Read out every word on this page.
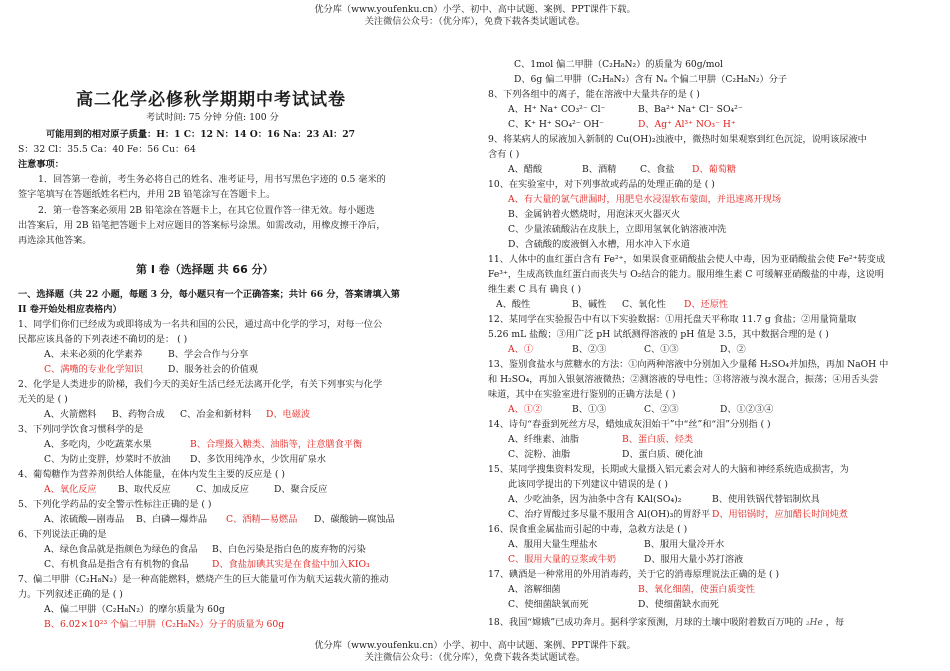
优分库（www.youfenku.cn）小学、初中、高中试题、案例、PPT课件下载。
关注微信公众号：（优分库），免费下载各类试题试卷。
高二化学必修秋学期期中考试试卷
考试时间: 75 分钟 分值: 100 分
可能用到的相对原子质量：H：1 C：12 N：14 O：16 Na：23 Al：27
S：32 Cl：35.5 Ca：40 Fe：56 Cu：64
注意事项：
1．回答第一卷前，考生务必将自己的姓名、准考证号，用书写黑色字迹的 0.5 毫米的
签字笔填写在答题纸姓名栏内，并用 2B 铅笔涂写在答题卡上。
2．第一卷答案必须用 2B 铅笔涂在答题卡上，在其它位置作答一律无效。每小题选
出答案后，用 2B 铅笔把答题卡上对应题目的答案标号涂黑。如需改动，用橡皮擦干净后，
再选涂其他答案。
第 I 卷（选择题 共 66 分）
一、选择题（共 22 小题，每题 3 分，每小题只有一个正确答案；共计 66 分，答案请填入第
II 卷开始处相应表格内）
1、同学们你们已经成为或即将成为一名共和国的公民，通过高中化学的学习，对每一位公
民都应该具备的下列表述不确切的是： ( )
A、未来必须的化学素养	B、学会合作与分享
C、满嘴的专业化学知识	D、服务社会的价值观
2、化学是人类进步的阶梯，我们今天的美好生活已经无法离开化学，有关下列事实与化学
无关的是 ( )
A、火箭燃料 B、药物合成 C、冶金和新材料 D、电磁波
3、下列同学饮食习惯科学的是
A、多吃肉，少吃蔬菜水果	B、合理摄入糖类、油脂等，注意膳食平衡
C、为防止变胖，炒菜时不放油 D、多饮用纯净水，少饮用矿泉水
4、葡萄糖作为营养剂供给人体能量，在体内发生主要的反应是 ( )
A、氧化反应 B、取代反应	C、加成反应	D、聚合反应
5、下列化学药品的安全警示性标注正确的是 ( )
A、浓硫酸—剧毒品 B、白磷—爆炸品 C、酒精—易燃品 D、碳酸钠—腐蚀品
6、下列说法正确的是
A、绿色食品就是指颜色为绿色的食品 B、白色污染是指白色的废弃物的污染
C、有机食品是指含有有机物的食品	D、食盐加碘其实是在食盐中加入KIO₃
7、偏二甲肼（C₂H₈N₂）是一种高能燃料，燃烧产生的巨大能量可作为航天运载火箭的推动
力。下列叙述正确的是 ( )
A、偏二甲肼（C₂H₈N₂）的摩尔质量为 60g
B、6.02×10²³ 个偏二甲肼（C₂H₈N₂）分子的质量为 60g
C、1mol 偏二甲肼（C₂H₈N₂）的质量为 60g/mol
D、6g 偏二甲肼（C₂H₈N₂）含有 Nₐ 个偏二甲肼（C₂H₈N₂）分子
8、下列各组中的离子，能在溶液中大量共存的是 ( )
A、H⁺ Na⁺ CO₃²⁻ Cl⁻	B、Ba²⁺ Na⁺ Cl⁻ SO₄²⁻
C、K⁺ H⁺ SO₄²⁻ OH⁻	D、Ag⁺ Al³⁺ NO₃⁻ H⁺
9、将某病人的尿液加入新制的 Cu(OH)₂浊液中，微热时如果观察到红色沉淀，说明该尿液中
含有 ( )
A、醋酸	B、酒精	C、食盐 D、葡萄糖
10、在实验室中，对下列事故或药品的处理正确的是 ( )
A、有大量的氯气泄漏时，用肥皂水浸湿软布蒙面，并迅速离开现场
B、金属钠着火燃烧时，用泡沫灭火器灭火
C、少量浓硫酸沾在皮肤上，立即用氢氧化钠溶液冲洗
D、含硫酸的废液倒入水槽，用水冲入下水道
11、人体中的血红蛋白含有 Fe²⁺，如果误食亚硝酸盐会使人中毒，因为亚硝酸盐会使 Fe²⁺转变成
Fe³⁺，生成高铁血红蛋白而丧失与 O₂结合的能力。服用维生素 C 可缓解亚硝酸盐的中毒，这说明
维生素 C 具有 确良 ( )
A、酸性	B、碱性 C、氧化性 D、还原性
12、某同学在实验报告中有以下实验数据：①用托盘天平称取 11.7 g 食盐；②用量筒量取
5.26 mL 盐酸；③用广泛 pH 试纸测得溶液的 pH 值是 3.5，其中数据合理的是 ( )
A、①	B、②③	C、①③	D、②
13、鉴别食盐水与蔗糖水的方法：①向两种溶液中分别加入少量稀 H₂SO₄并加热，再加 NaOH 中
和 H₂SO₄，再加入银氨溶液微热；②测溶液的导电性；③将溶液与溴水混合，振荡；④用舌头尝
味道，其中在实验室进行鉴别的正确方法是 ( )
A、①②	B、①③	C、②③	D、①②③④
14、诗句“春蚕到死丝方尽，蜡烛成灰泪始干”中“丝”和“泪”分别指 ( )
A、纤维素、油脂	B、蛋白质、烃类
C、淀粉、油脂	D、蛋白质、硬化油
15、某同学搜集资料发现，长期或大量摄入铝元素会对人的大脑和神经系统造成损害，为
此该同学提出的下列建议中错误的是 ( )
A、少吃油条，因为油条中含有 KAl(SO₄)₂	B、使用铁锅代替铝制炊具
C、治疗胃酸过多尽量不服用含 Al(OH)₃的胃舒平 D、用铝锅时，应加醋长时间炖煮
16、误食重金属盐而引起的中毒，急救方法是 ( )
A、服用大量生理盐水	B、服用大量冷开水
C、服用大量的豆浆或牛奶	D、服用大量小苏打溶液
17、碘酒是一种常用的外用消毒药，关于它的消毒原理说法正确的是 ( )
A、溶解细菌	B、氧化细菌，使蛋白质变性
C、使细菌缺氧而死	D、使细菌缺水而死
18、我国“嫦娥”已成功奔月。据科学家预测，月球的土壤中吸附着数百万吨的 ₂He ，每
优分库（www.youfenku.cn）小学、初中、高中试题、案例、PPT课件下载。
关注微信公众号：（优分库），免费下载各类试题试卷。
